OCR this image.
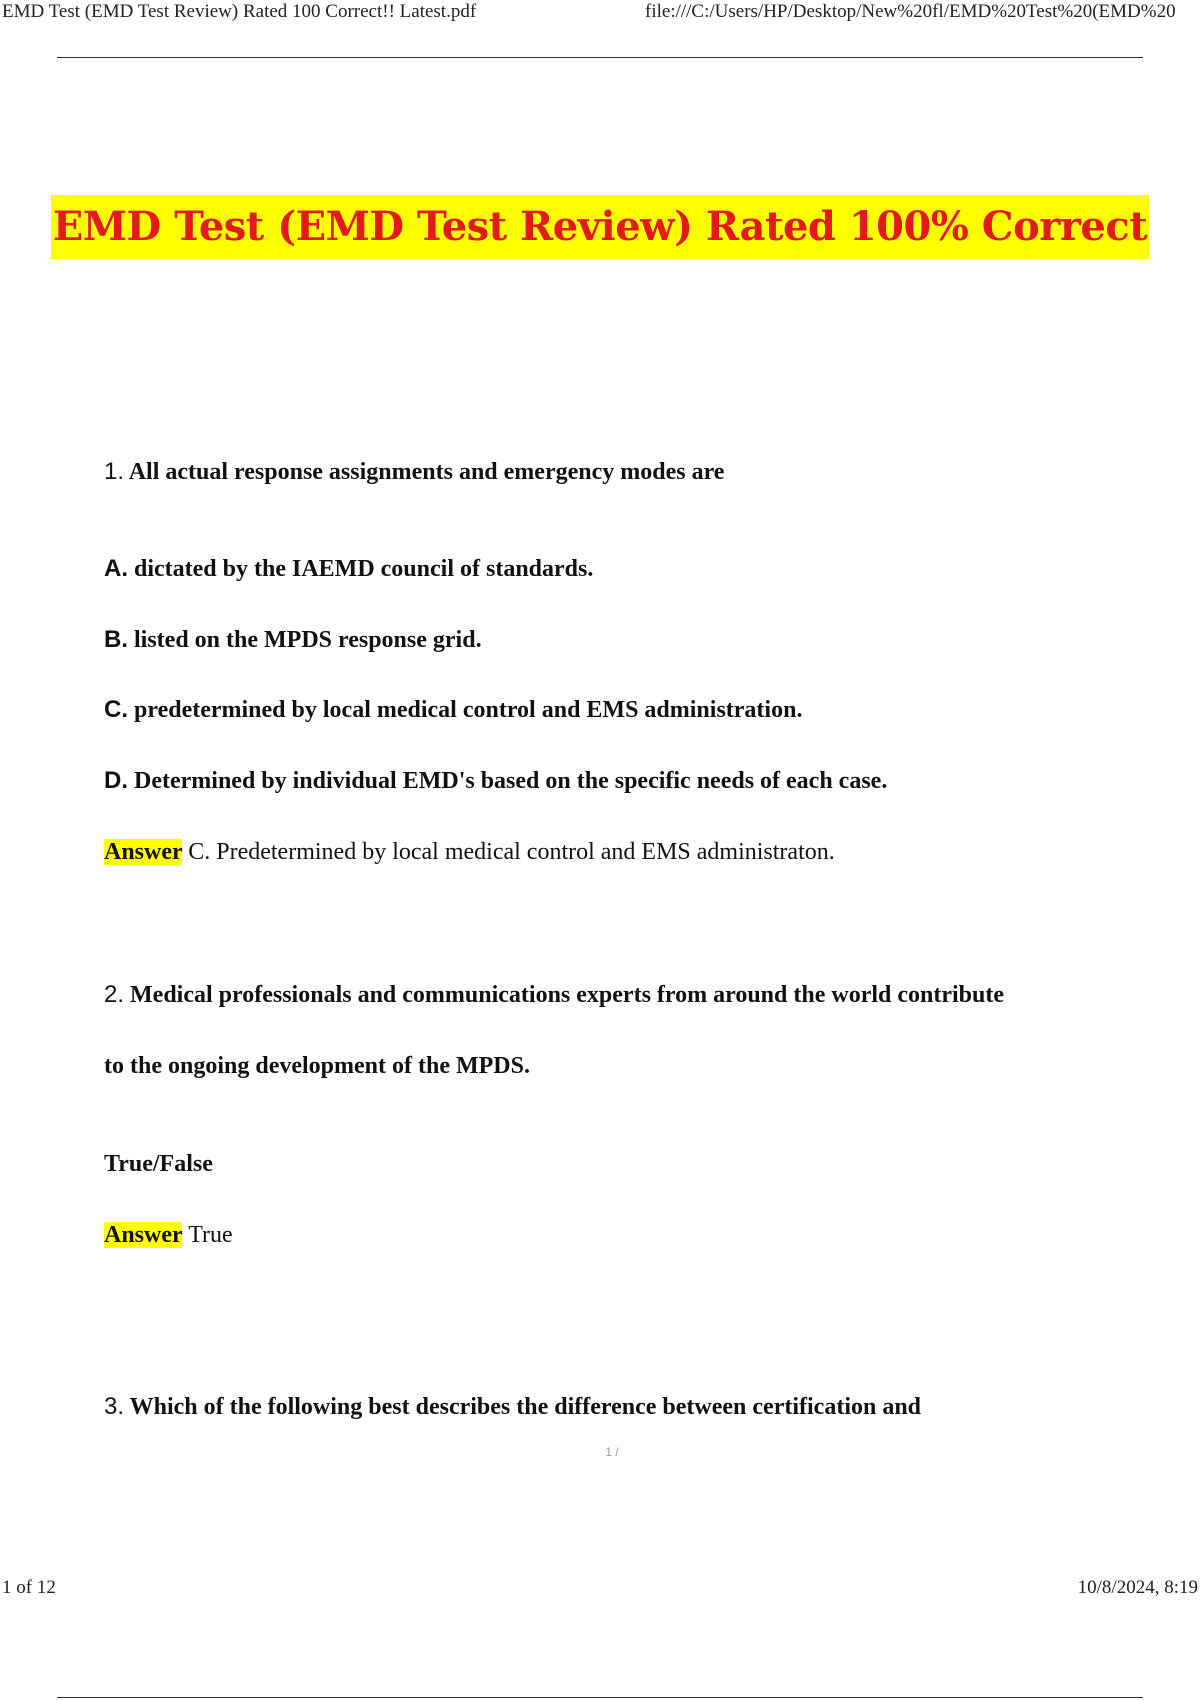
EMD Test (EMD Test Review) Rated 100 Correct!! Latest.pdf	file:///C:/Users/HP/Desktop/New%20fl/EMD%20Test%20(EMD%20
EMD Test (EMD Test Review) Rated 100% Correct
1. All actual response assignments and emergency modes are
A. dictated by the IAEMD council of standards.
B. listed on the MPDS response grid.
C. predetermined by local medical control and EMS administration.
D. Determined by individual EMD's based on the specific needs of each case.
Answer C. Predetermined by local medical control and EMS administraton.
2. Medical professionals and communications experts from around the world contribute
to the ongoing development of the MPDS.
True/False
Answer True
3. Which of the following best describes the difference between certification and
1 /
1 of 12	10/8/2024, 8:19
